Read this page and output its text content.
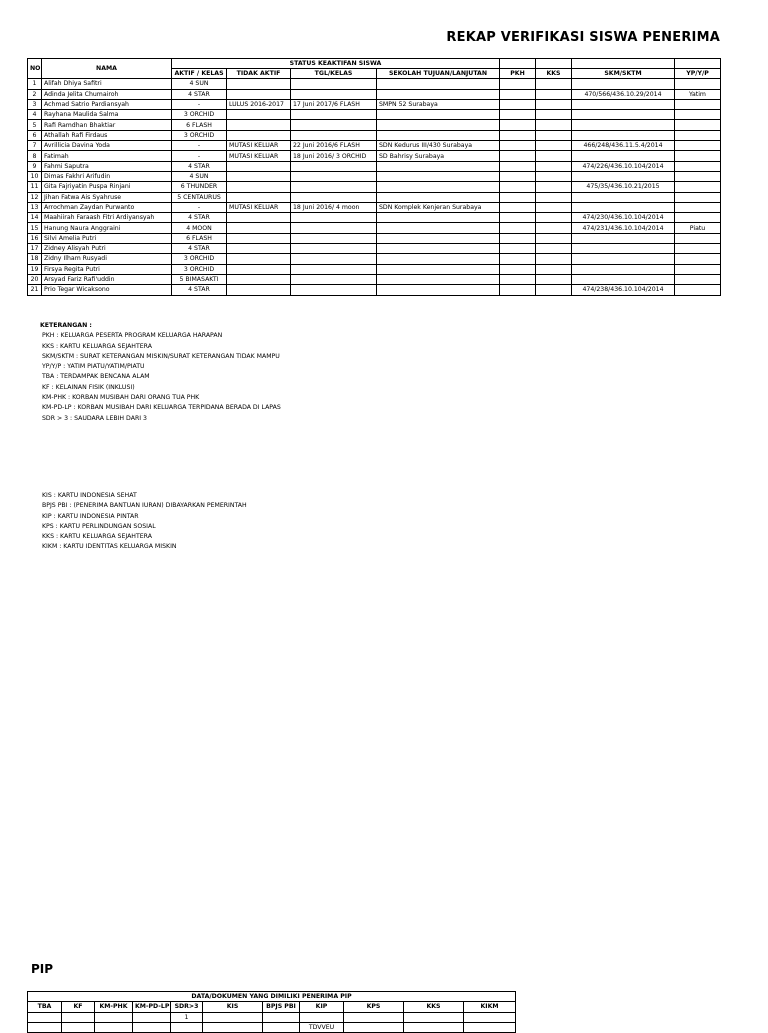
REKAP VERIFIKASI SISWA PENERIMA
NO	NAMA	STATUS KEAKTIFAN SISWA							
		AKTIF / KELAS	TIDAK AKTIF	TGL/KELAS	SEKOLAH TUJUAN/LANJUTAN	PKH	KKS	SKM/SKTM	YP/Y/P
1	Alifah Dhiya Safitri	4 SUN							
2	Adinda Jelita Chumairoh	4 STAR						470/566/436.10.29/2014	Yatim
3	Achmad Satrio Pardiansyah	-	LULUS 2016-2017	17 Juni 2017/6 FLASH	SMPN 52 Surabaya				
4	Rayhana Maulida Salma	3 ORCHID							
5	Rafi Ramdhan Bhaktiar	6 FLASH							
6	Athallah Rafi Firdaus	3 ORCHID							
7	Avrillicia Davina Yoda	-	MUTASI KELUAR	22 Juni 2016/6 FLASH	SDN Kedurus III/430 Surabaya			466/248/436.11.5.4/2014	
8	Fatimah	-	MUTASI KELUAR	18 Juni 2016/ 3 ORCHID	SD Bahrisy Surabaya				
9	Fahmi Saputra	4 STAR						474/226/436.10.104/2014	
10	Dimas Fakhri Arifudin	4 SUN							
11	Gita Fajriyatin Puspa Rinjani	6 THUNDER						475/35/436.10.21/2015	
12	Jihan Fatwa Ais Syahruse	5 CENTAURUS							
13	Arrochman Zaydan Purwanto	-	MUTASI KELUAR	18 Juni 2016/ 4 moon	SDN Komplek Kenjeran Surabaya				
14	Maahiirah Faraash Fitri Ardiyansyah	4 STAR						474/230/436.10.104/2014	
15	Hanung Naura Anggraini	4 MOON						474/231/436.10.104/2014	Piatu
16	Silvi Amelia Putri	6 FLASH							
17	Zidney Alisyah Putri	4 STAR							
18	Zidny Ilham Rusyadi	3 ORCHID							
19	Firsya Regita Putri	3 ORCHID							
20	Arsyad Fariz Rafi'uddin	5 BIMASAKTI							
21	Prio Tegar Wicaksono	4 STAR						474/238/436.10.104/2014	
KETERANGAN :
PKH : KELUARGA PESERTA PROGRAM KELUARGA HARAPAN
KKS : KARTU KELUARGA SEJAHTERA
SKM/SKTM : SURAT KETERANGAN MISKIN/SURAT KETERANGAN TIDAK MAMPU
YP/Y/P : YATIM PIATU/YATIM/PIATU
TBA : TERDAMPAK BENCANA ALAM
KF : KELAINAN FISIK (INKLUSI)
KM-PHK : KORBAN MUSIBAH DARI ORANG TUA PHK
KM-PD-LP : KORBAN MUSIBAH DARI KELUARGA TERPIDANA BERADA DI LAPAS
SDR > 3 : SAUDARA LEBIH DARI 3
KIS : KARTU INDONESIA SEHAT
BPJS PBI : (PENERIMA BANTUAN IURAN) DIBAYARKAN PEMERINTAH
KIP : KARTU INDONESIA PINTAR
KPS : KARTU PERLINDUNGAN SOSIAL
KKS : KARTU KELUARGA SEJAHTERA
KIKM : KARTU IDENTITAS KELUARGA MISKIN
PIP
DATA/DOKUMEN YANG DIMILIKI PENERIMA PIP										
TBA	KF	KM-PHK	KM-PD-LP	SDR>3	KIS	BPJS PBI	KIP	KPS	KKS	KIKM
				1						
							TDVVEU			
